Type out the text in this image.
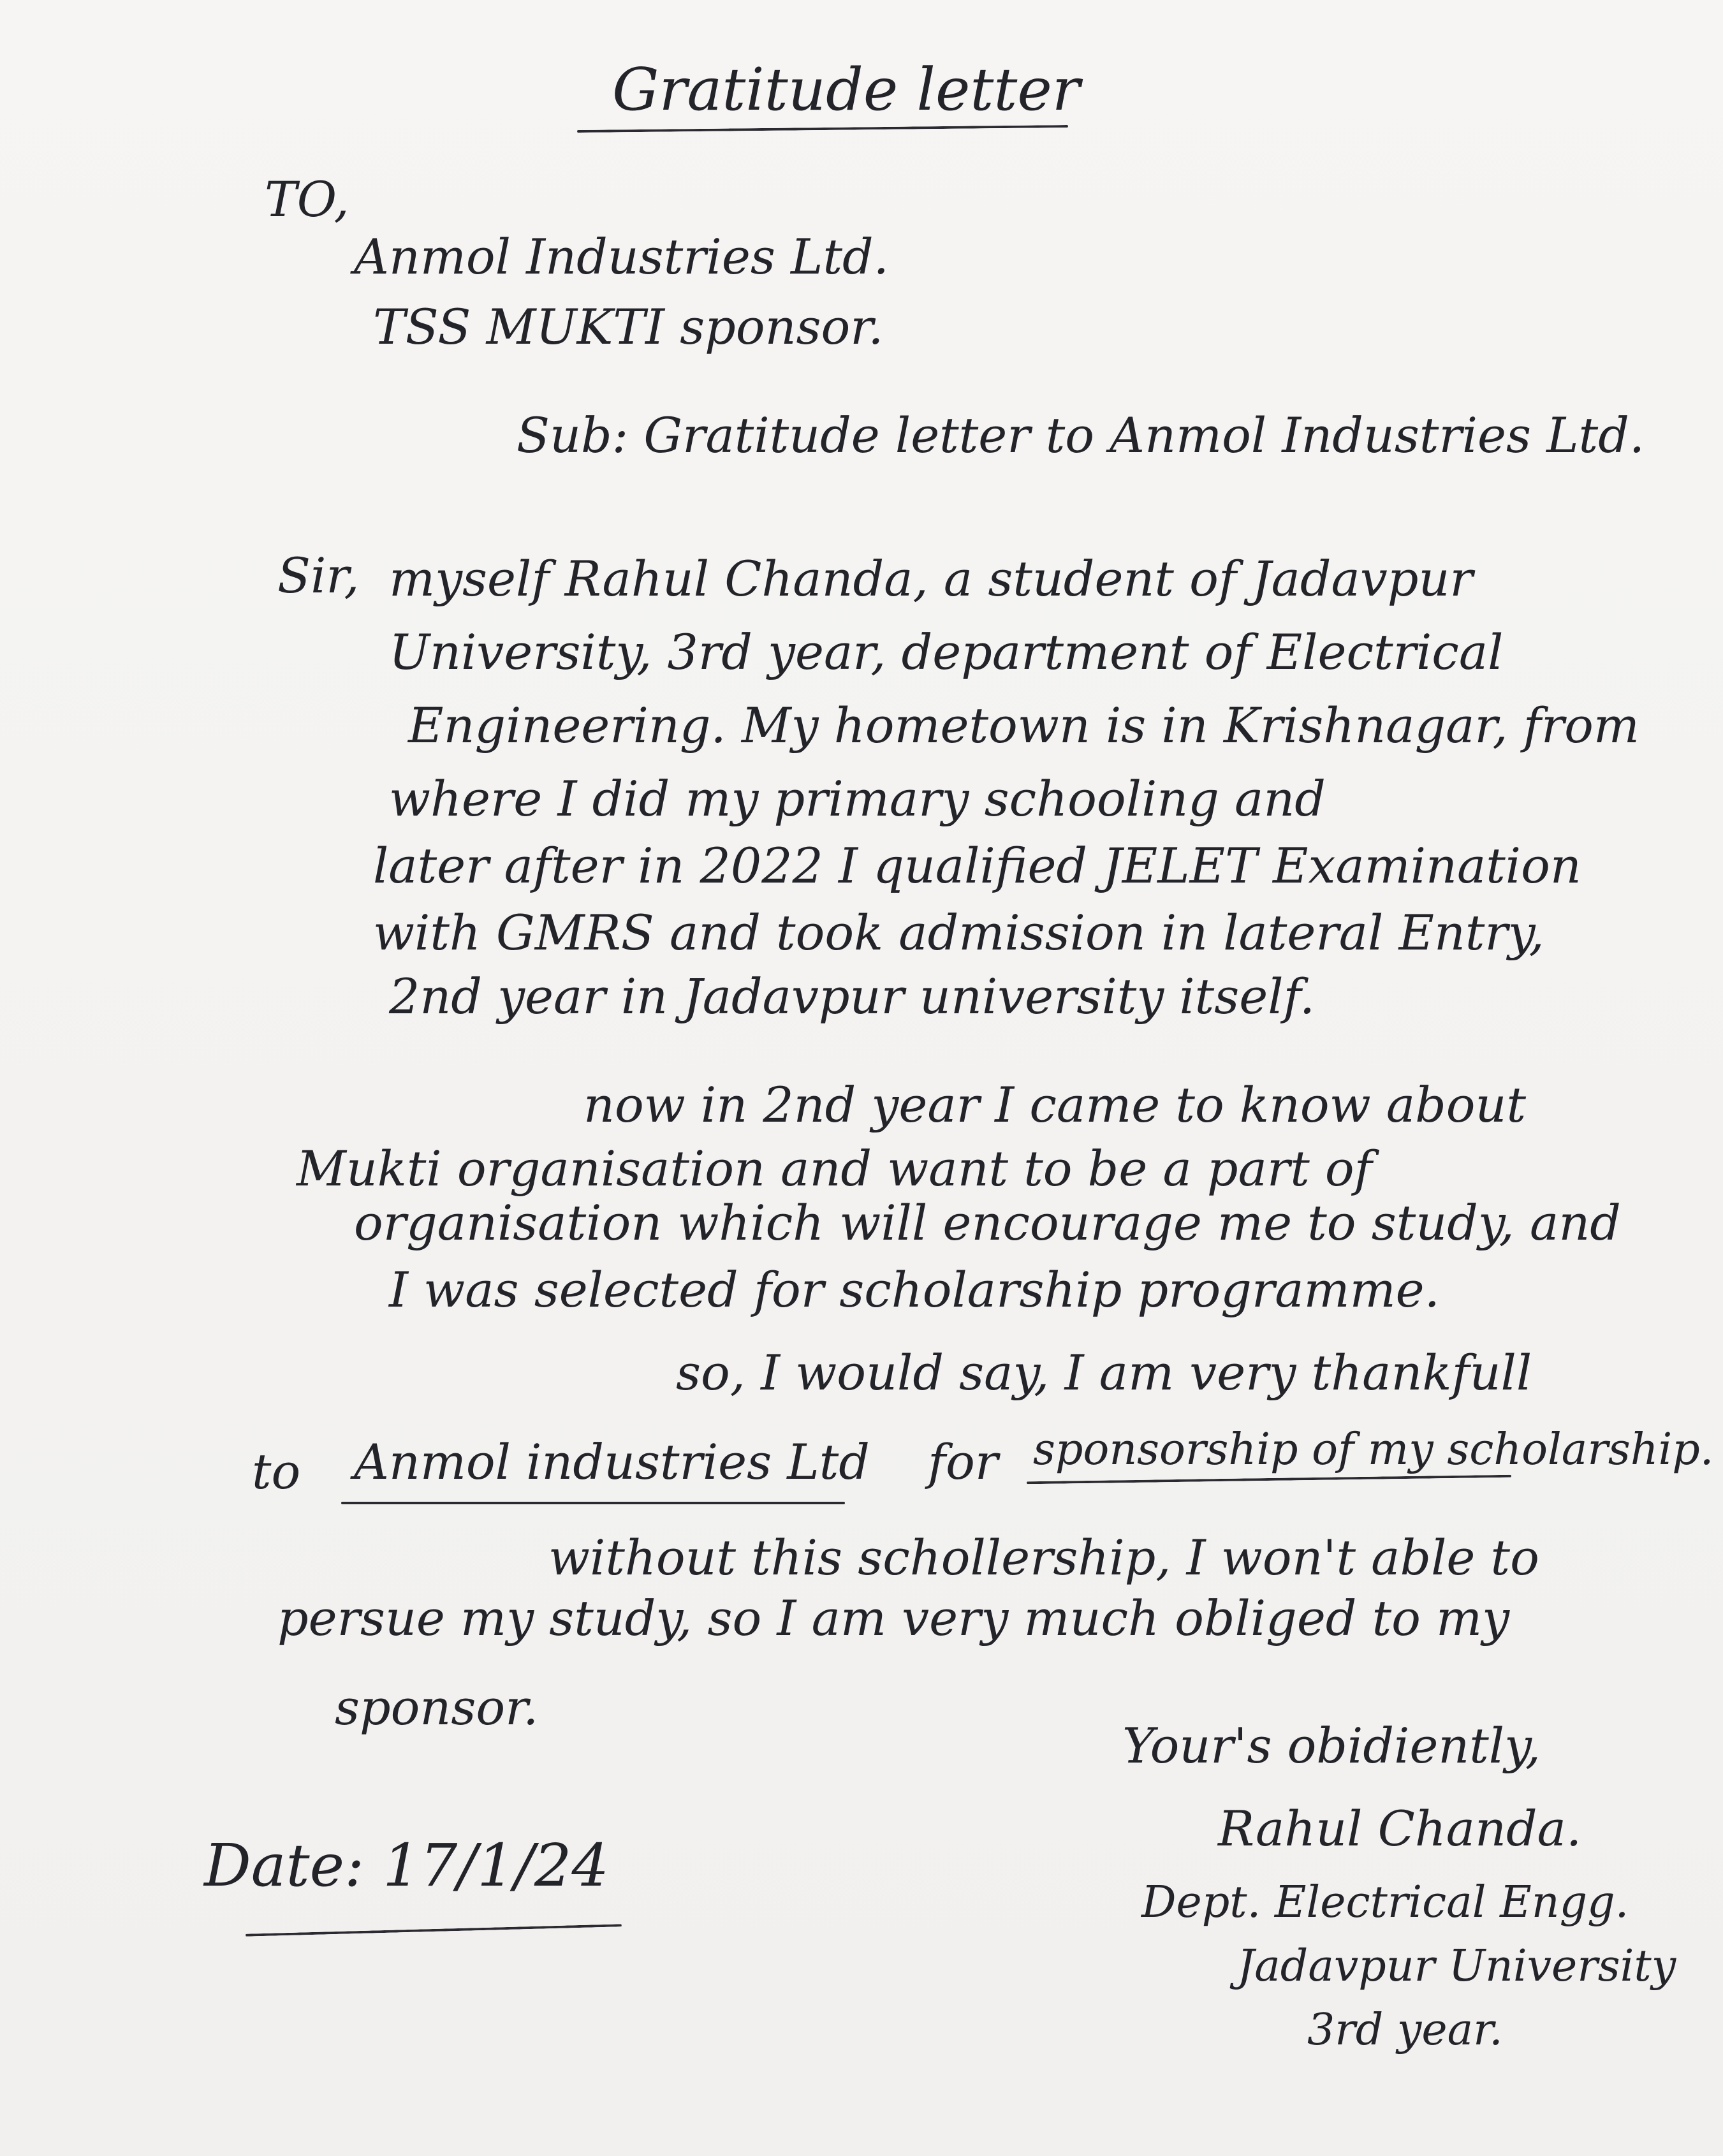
Gratitude letter
TO,
Anmol Industries Ltd.
TSS MUKTI sponsor.
Sub: Gratitude letter to Anmol Industries Ltd.
Sir, myself Rahul Chanda, a student of Jadavpur
University, 3rd year, department of Electrical
Engineering. My hometown is in Krishnagar, from
where I did my primary schooling and
later after in 2022 I qualified JELET Examination
with GMRS and took admission in lateral Entry,
2nd year in Jadavpur university itself.
now in 2nd year I came to know about
Mukti organisation and want to be a part of
organisation which will encourage me to study, and
I was selected for scholarship programme.
so, I would say, I am very thankfull
to Anmol industries Ltd for sponsorship of my scholarship.
without this schollership, I won't able to
persue my study, so I am very much obliged to my
sponsor.
Your's obidiently,
Rahul Chanda.
Dept. Electrical Engg.
Jadavpur University
3rd year.
Date: 17/1/24
